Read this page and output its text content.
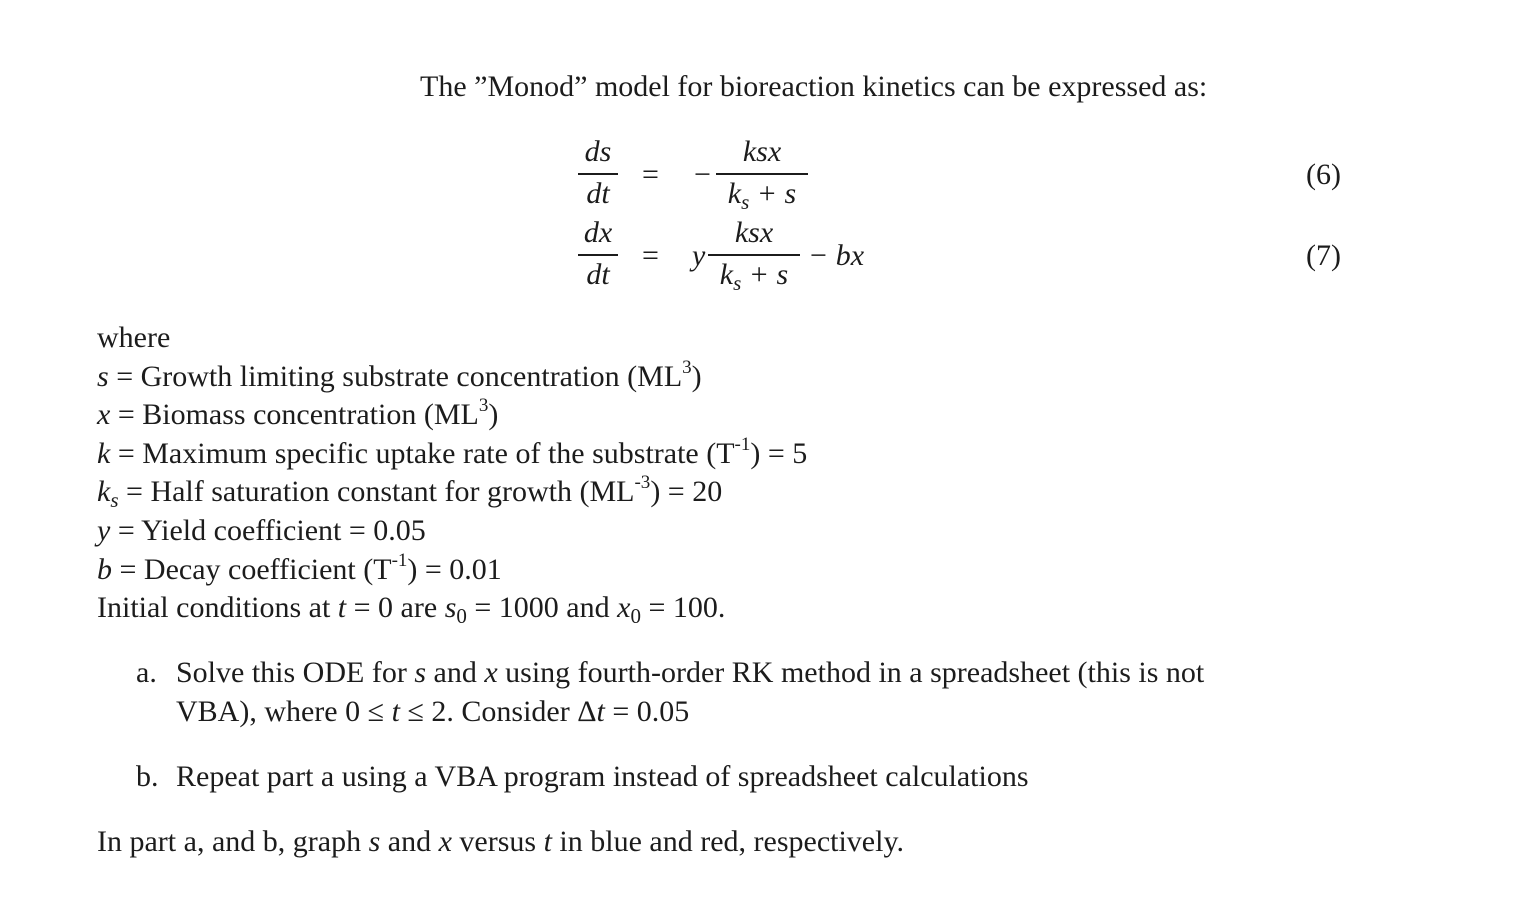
The ”Monod” model for bioreaction kinetics can be expressed as:
ds
dt
= −
ksx
$k_s + s$
(6)
dx
dt
= y
ksx
$k_s + s$
− bx	(7)
where
s = Growth limiting substrate concentration $(ML^3)$
x = Biomass concentration $(ML^3)$
k = Maximum specific uptake rate of the substrate $(T^{-1}) = 5$
$k_s$ = Half saturation constant for growth $(ML^{-3}) = 20$
y = Yield coefficient = 0.05
b = Decay coefficient $(T^{-1}) = 0.01$
Initial conditions at t = 0 are $s_0 = 1000$ and $x_0 = 100$.
a. Solve this ODE for s and x using fourth-order RK method in a spreadsheet (this is not
VBA), where 0 ≤ t ≤ 2. Consider Δt = 0.05
b. Repeat part a using a VBA program instead of spreadsheet calculations
In part a, and b, graph s and x versus t in blue and red, respectively.
